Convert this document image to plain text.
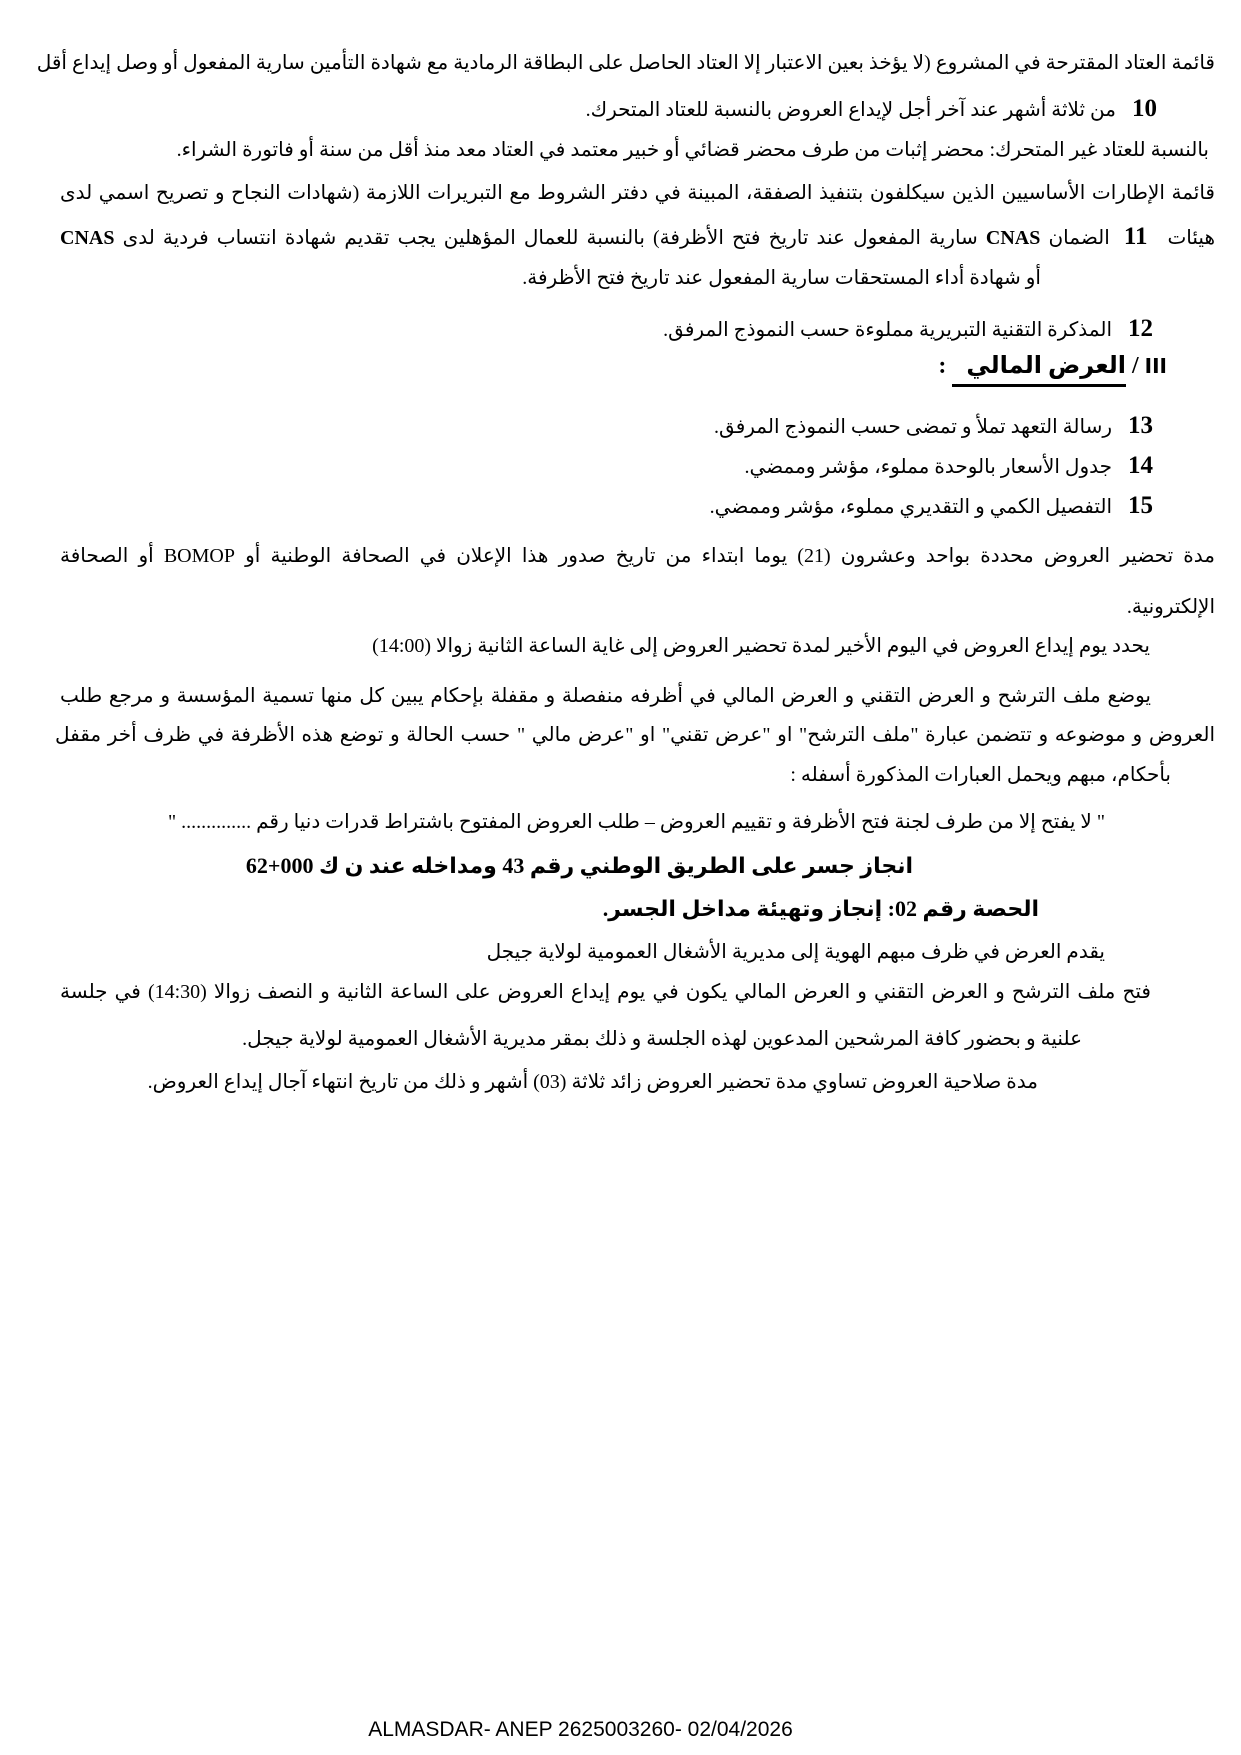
قائمة العتاد المقترحة في المشروع (لا يؤخذ بعين الاعتبار إلا العتاد الحاصل على البطاقة الرمادية مع شهادة التأمين سارية المفعول أو وصل إيداع أقل
10من ثلاثة أشهر عند آخر أجل لإيداع العروض بالنسبة للعتاد المتحرك.
بالنسبة للعتاد غير المتحرك: محضر إثبات من طرف محضر قضائي أو خبير معتمد في العتاد معد منذ أقل من سنة أو فاتورة الشراء.
قائمة الإطارات الأساسيين الذين سيكلفون بتنفيذ الصفقة، المبينة في دفتر الشروط مع التبريرات اللازمة (شهادات النجاح و تصريح اسمي لدى
هيئات11الضمان CNAS سارية المفعول عند تاريخ فتح الأظرفة) بالنسبة للعمال المؤهلين يجب تقديم شهادة انتساب فردية لدى CNAS
أو شهادة أداء المستحقات سارية المفعول عند تاريخ فتح الأظرفة.
12المذكرة التقنية التبريرية مملوءة حسب النموذج المرفق.
III / العرض المالي :
13رسالة التعهد تملأ و تمضى حسب النموذج المرفق.
14جدول الأسعار بالوحدة مملوء، مؤشر وممضي.
15التفصيل الكمي و التقديري مملوء، مؤشر وممضي.
مدة تحضير العروض محددة بواحد وعشرون (21) يوما ابتداء من تاريخ صدور هذا الإعلان في الصحافة الوطنية أو BOMOP أو الصحافة
الإلكترونية.
يحدد يوم إيداع العروض في اليوم الأخير لمدة تحضير العروض إلى غاية الساعة الثانية زوالا (14:00)
يوضع ملف الترشح و العرض التقني و العرض المالي في أظرفه منفصلة و مقفلة بإحكام يبين كل منها تسمية المؤسسة و مرجع طلب
العروض و موضوعه و تتضمن عبارة "ملف الترشح" او "عرض تقني" او "عرض مالي " حسب الحالة و توضع هذه الأظرفة في ظرف أخر مقفل
بأحكام، مبهم ويحمل العبارات المذكورة أسفله :
" لا يفتح إلا من طرف لجنة فتح الأظرفة و تقييم العروض – طلب العروض المفتوح باشتراط قدرات دنيا رقم .............. "
انجاز جسر على الطريق الوطني رقم 43 ومداخله عند ن ك 000+62
الحصة رقم 02: إنجاز وتهيئة مداخل الجسر.
يقدم العرض في ظرف مبهم الهوية إلى مديرية الأشغال العمومية لولاية جيجل
فتح ملف الترشح و العرض التقني و العرض المالي يكون في يوم إيداع العروض على الساعة الثانية و النصف زوالا (14:30) في جلسة
علنية و بحضور كافة المرشحين المدعوين لهذه الجلسة و ذلك بمقر مديرية الأشغال العمومية لولاية جيجل.
مدة صلاحية العروض تساوي مدة تحضير العروض زائد ثلاثة (03) أشهر و ذلك من تاريخ انتهاء آجال إيداع العروض.
ALMASDAR- ANEP 2625003260- 02/04/2026
